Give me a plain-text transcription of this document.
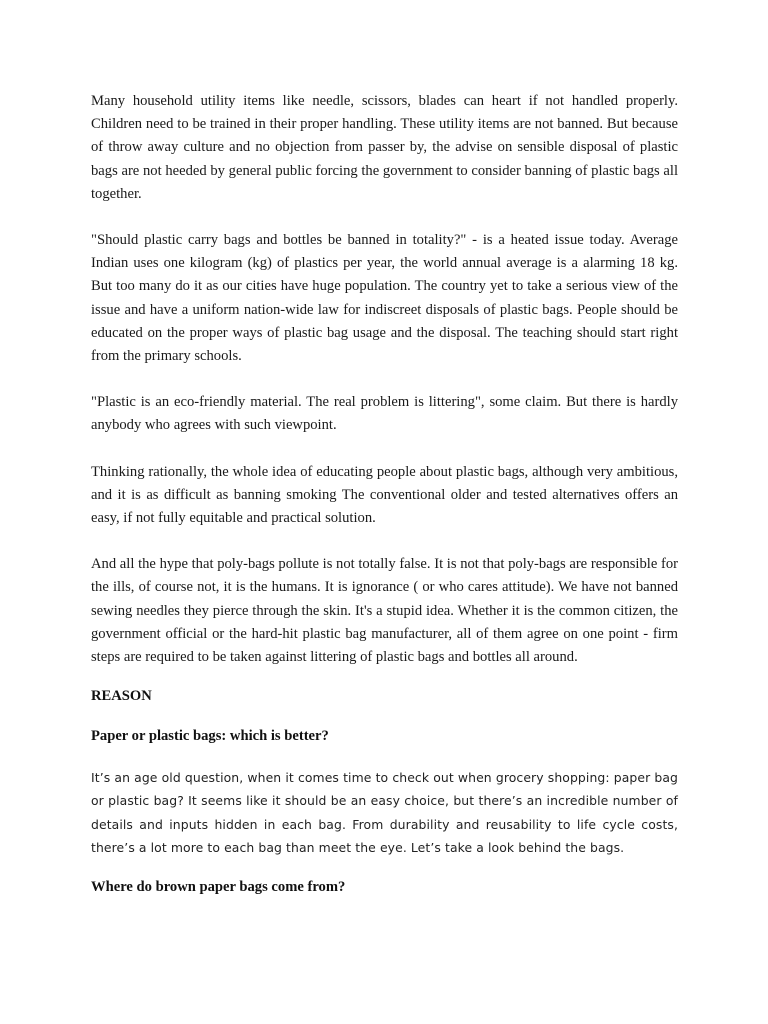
Many household utility items like needle, scissors, blades can heart if not handled properly. Children need to be trained in their proper handling. These utility items are not banned. But because of throw away culture and no objection from passer by, the advise on sensible disposal of plastic bags are not heeded by general public forcing the government to consider banning of plastic bags all together.

"Should plastic carry bags and bottles be banned in totality?" - is a heated issue today. Average Indian uses one kilogram (kg) of plastics per year, the world annual average is a alarming 18 kg. But too many do it as our cities have huge population. The country yet to take a serious view of the issue and have a uniform nation-wide law for indiscreet disposals of plastic bags. People should be educated on the proper ways of plastic bag usage and the disposal. The teaching should start right from the primary schools.

"Plastic is an eco-friendly material. The real problem is littering", some claim. But there is hardly anybody who agrees with such viewpoint.

Thinking rationally, the whole idea of educating people about plastic bags, although very ambitious, and it is as difficult as banning smoking The conventional older and tested alternatives offers an easy, if not fully equitable and practical solution.

And all the hype that poly-bags pollute is not totally false. It is not that poly-bags are responsible for the ills, of course not, it is the humans. It is ignorance ( or who cares attitude). We have not banned sewing needles they pierce through the skin. It's a stupid idea. Whether it is the common citizen, the government official or the hard-hit plastic bag manufacturer, all of them agree on one point - firm steps are required to be taken against littering of plastic bags and bottles all around.

REASON
Paper or plastic bags: which is better?

It’s an age old question, when it comes time to check out when grocery shopping: paper bag or plastic bag? It seems like it should be an easy choice, but there’s an incredible number of details and inputs hidden in each bag. From durability and reusability to life cycle costs, there’s a lot more to each bag than meet the eye. Let’s take a look behind the bags.

Where do brown paper bags come from?
